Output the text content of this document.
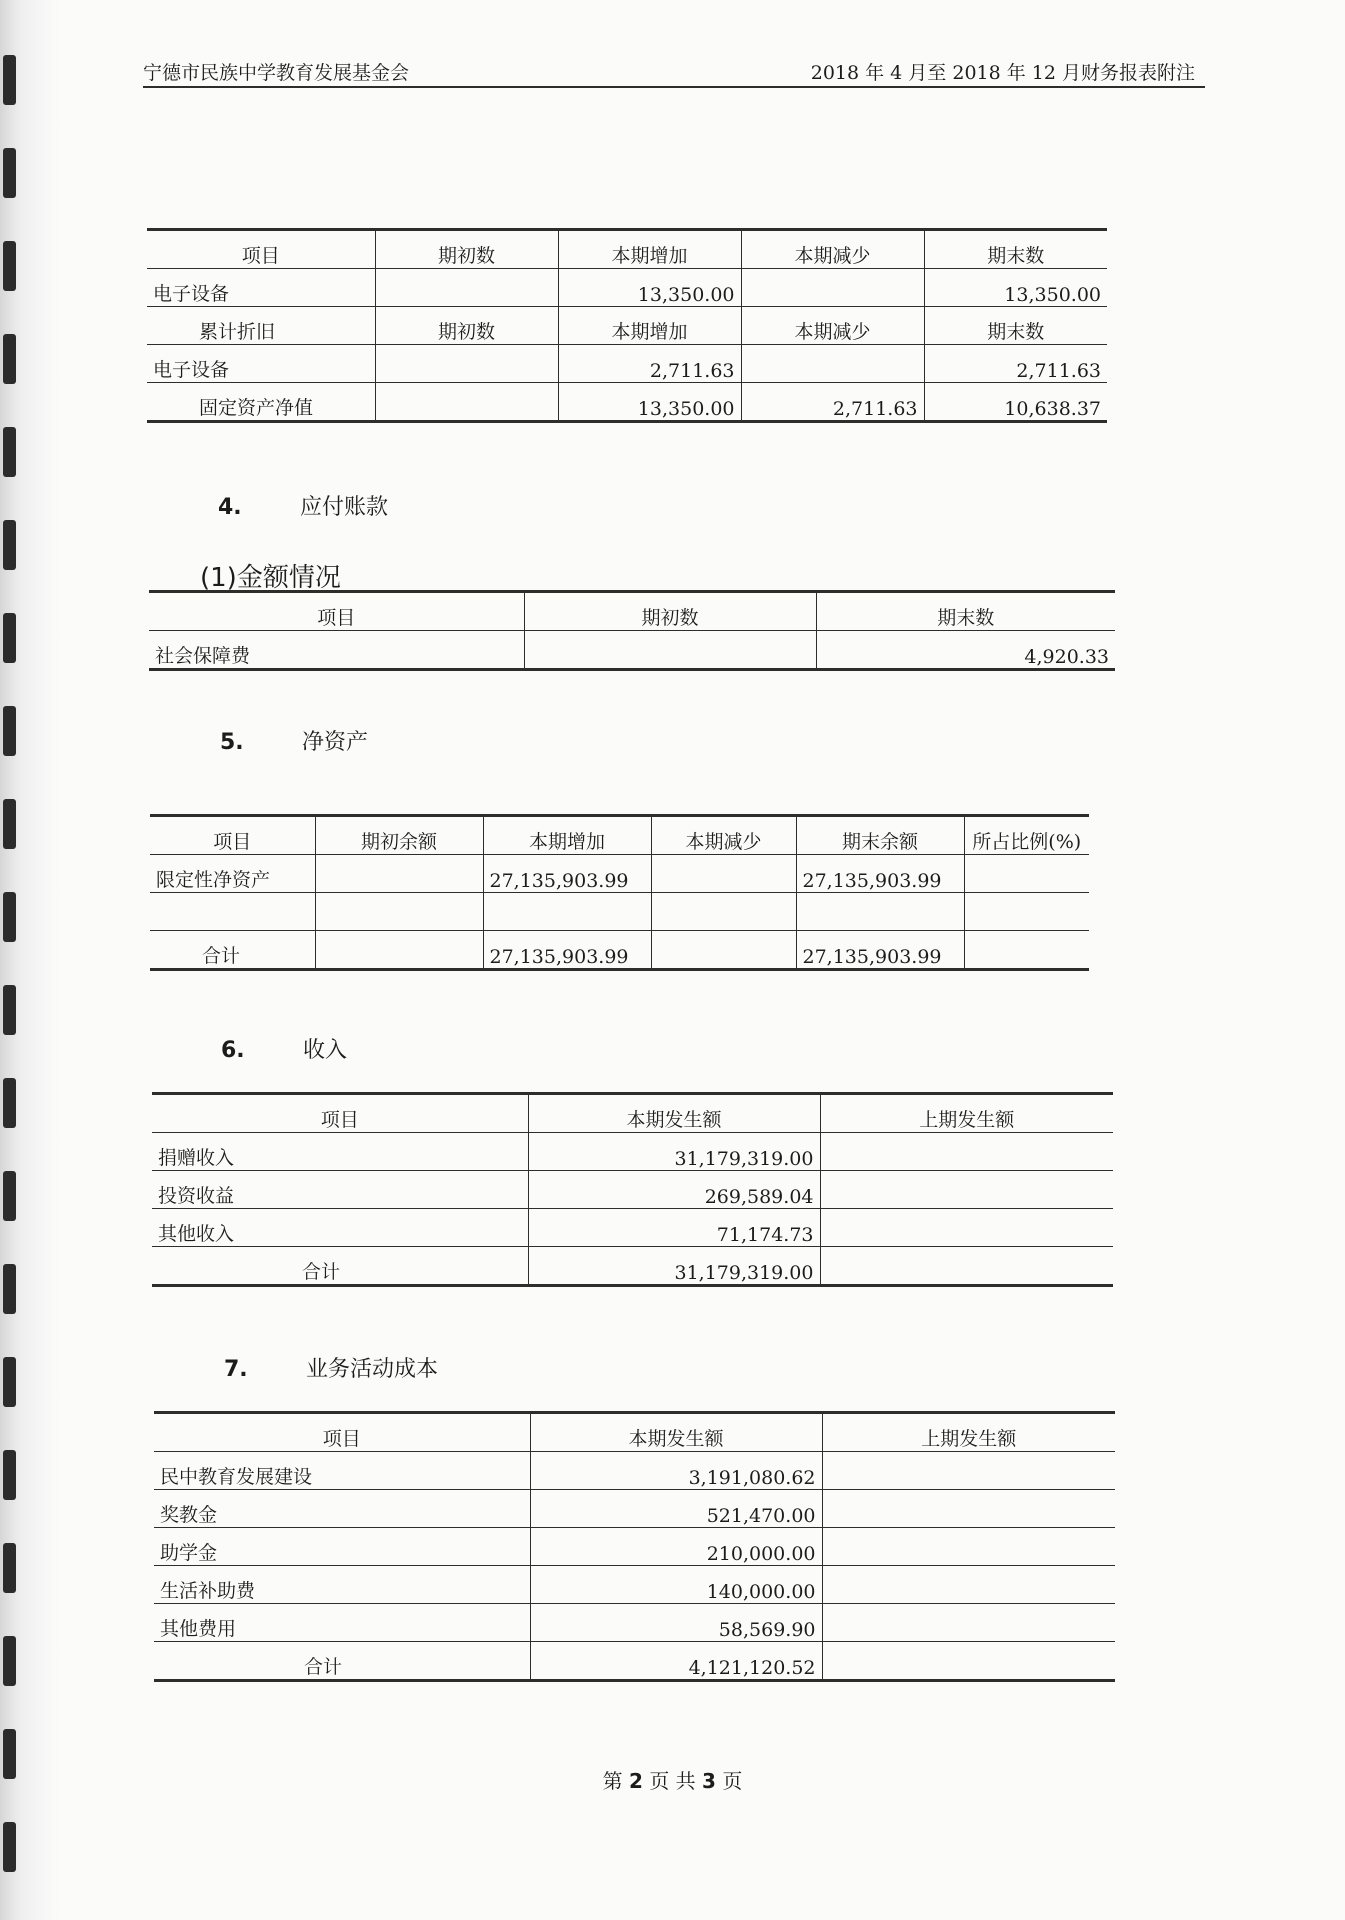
宁德市民族中学教育发展基金会	2018 年 4 月至 2018 年 12 月财务报表附注
项目	期初数	本期增加	本期减少	期末数
电子设备		13,350.00		13,350.00
累计折旧	期初数	本期增加	本期减少	期末数
电子设备		2,711.63		2,711.63
固定资产净值		13,350.00	2,711.63	10,638.37
4.	应付账款
(1)金额情况
项目	期初数	期末数
社会保障费		4,920.33
5.	净资产
项目	期初余额	本期增加	本期减少	期末余额	所占比例(%)
限定性净资产		27,135,903.99		27,135,903.99	

合计		27,135,903.99		27,135,903.99	
6.	收入
项目	本期发生额	上期发生额
捐赠收入	31,179,319.00	
投资收益	269,589.04	
其他收入	71,174.73	
合计	31,179,319.00	
7.	业务活动成本
项目	本期发生额	上期发生额
民中教育发展建设	3,191,080.62	
奖教金	521,470.00	
助学金	210,000.00	
生活补助费	140,000.00	
其他费用	58,569.90	
合计	4,121,120.52	
第 2 页 共 3 页
